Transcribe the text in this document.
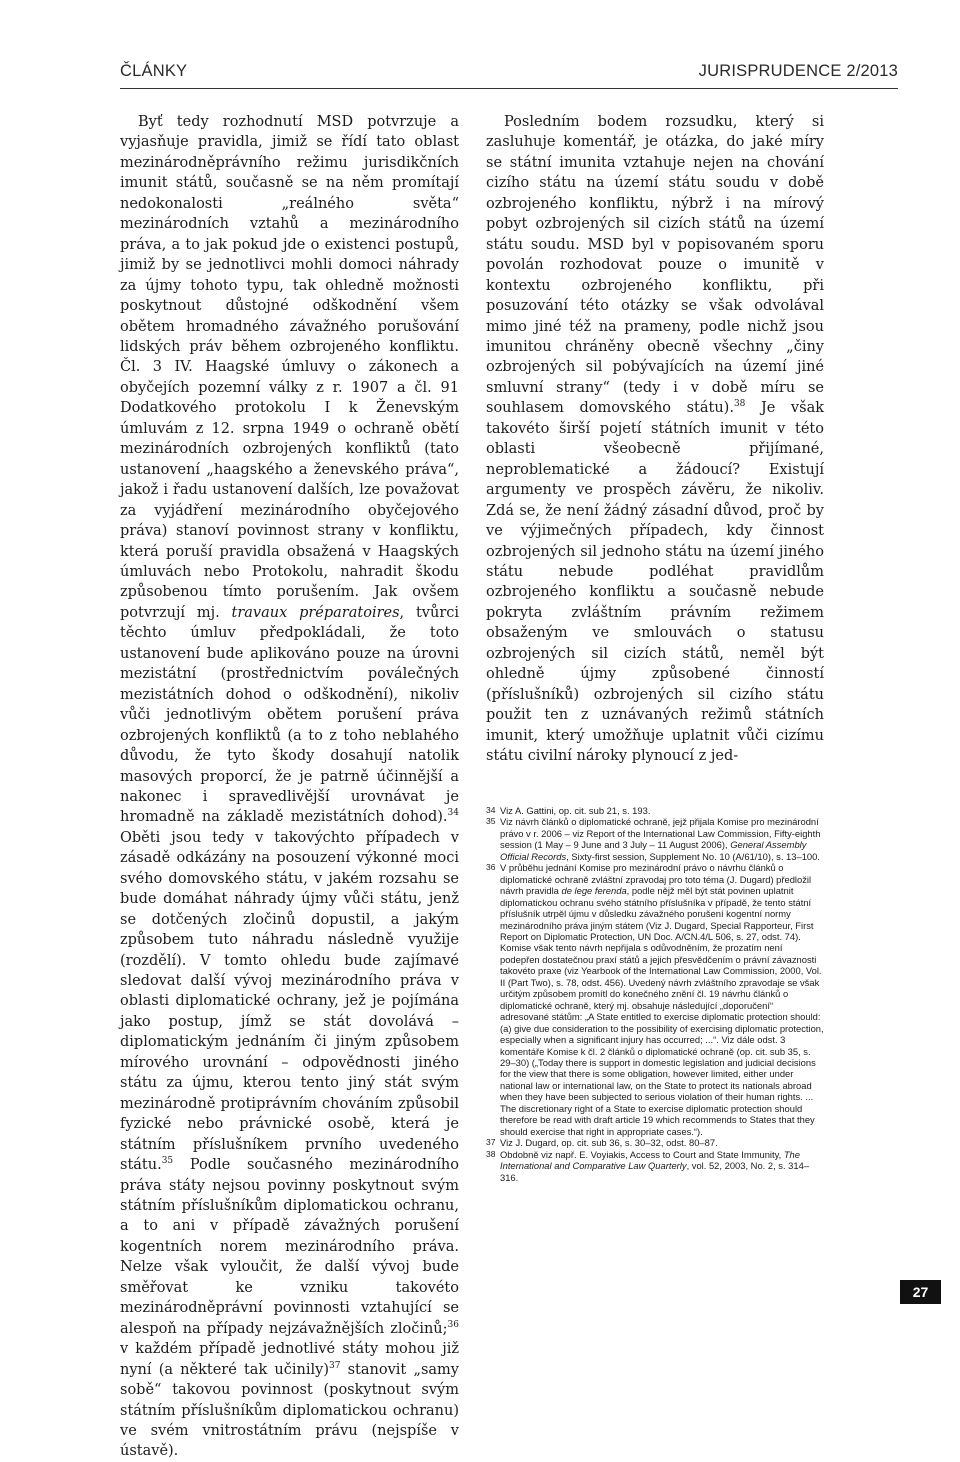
ČLÁNKY	JURISPRUDENCE 2/2013

Byť tedy rozhodnutí MSD potvrzuje a vyjasňuje pravidla, jimiž se řídí tato oblast mezinárodněprávního režimu jurisdikčních imunit států, současně se na něm promítají nedokonalosti „reálného světa“ mezinárodních vztahů a mezinárodního práva, a to jak pokud jde o existenci postupů, jimiž by se jednotlivci mohli domoci náhrady za újmy tohoto typu, tak ohledně možnosti poskytnout důstojné odškodnění všem obětem hromadného závažného porušování lidských práv během ozbrojeného konfliktu. Čl. 3 IV. Haagské úmluvy o zákonech a obyčejích pozemní války z r. 1907 a čl. 91 Dodatkového protokolu I k Ženevským úmluvám z 12. srpna 1949 o ochraně obětí mezinárodních ozbrojených konfliktů (tato ustanovení „haagského a ženevského práva“, jakož i řadu ustanovení dalších, lze považovat za vyjádření mezinárodního obyčejového práva) stanoví povinnost strany v konfliktu, která poruší pravidla obsažená v Haagských úmluvách nebo Protokolu, nahradit škodu způsobenou tímto porušením. Jak ovšem potvrzují mj. travaux préparatoires, tvůrci těchto úmluv předpokládali, že toto ustanovení bude aplikováno pouze na úrovni mezistátní (prostřednictvím poválečných mezistátních dohod o odškodnění), nikoliv vůči jednotlivým obětem porušení práva ozbrojených konfliktů (a to z toho neblahého důvodu, že tyto škody dosahují natolik masových proporcí, že je patrně účinnější a nakonec i spravedlivější urovnávat je hromadně na základě mezistátních dohod).$^{34}$ Oběti jsou tedy v takovýchto případech v zásadě odkázány na posouzení výkonné moci svého domovského státu, v jakém rozsahu se bude domáhat náhrady újmy vůči státu, jenž se dotčených zločinů dopustil, a jakým způsobem tuto náhradu následně využije (rozdělí). V tomto ohledu bude zajímavé sledovat další vývoj mezinárodního práva v oblasti diplomatické ochrany, jež je pojímána jako postup, jímž se stát dovolává – diplomatickým jednáním či jiným způsobem mírového urovnání – odpovědnosti jiného státu za újmu, kterou tento jiný stát svým mezinárodně protiprávním chováním způsobil fyzické nebo právnické osobě, která je státním příslušníkem prvního uvedeného státu.$^{35}$ Podle současného mezinárodního práva státy nejsou povinny poskytnout svým státním příslušníkům diplomatickou ochranu, a to ani v případě závažných porušení kogentních norem mezinárodního práva. Nelze však vyloučit, že další vývoj bude směřovat ke vzniku takovéto mezinárodněprávní povinnosti vztahující se alespoň na případy nejzávažnějších zločinů;$^{36}$ v každém případě jednotlivé státy mohou již nyní (a některé tak učinily)$^{37}$ stanovit „samy sobě“ takovou povinnost (poskytnout svým státním příslušníkům diplomatickou ochranu) ve svém vnitrostátním právu (nejspíše v ústavě).

Posledním bodem rozsudku, který si zasluhuje komentář, je otázka, do jaké míry se státní imunita vztahuje nejen na chování cizího státu na území státu soudu v době ozbrojeného konfliktu, nýbrž i na mírový pobyt ozbrojených sil cizích států na území státu soudu. MSD byl v popisovaném sporu povolán rozhodovat pouze o imunitě v kontextu ozbrojeného konfliktu, při posuzování této otázky se však odvolával mimo jiné též na prameny, podle nichž jsou imunitou chráněny obecně všechny „činy ozbrojených sil pobývajících na území jiné smluvní strany“ (tedy i v době míru se souhlasem domovského státu).$^{38}$ Je však takovéto širší pojetí státních imunit v této oblasti všeobecně přijímané, neproblematické a žádoucí? Existují argumenty ve prospěch závěru, že nikoliv. Zdá se, že není žádný zásadní důvod, proč by ve výjimečných případech, kdy činnost ozbrojených sil jednoho státu na území jiného státu nebude podléhat pravidlům ozbrojeného konfliktu a současně nebude pokryta zvláštním právním režimem obsaženým ve smlouvách o statusu ozbrojených sil cizích států, neměl být ohledně újmy způsobené činností (příslušníků) ozbrojených sil cizího státu použit ten z uznávaných režimů státních imunit, který umožňuje uplatnit vůči cizímu státu civilní nároky plynoucí z jed-

34 Viz A. Gattini, op. cit. sub 21, s. 193.
35 Viz návrh článků o diplomatické ochraně, jejž přijala Komise pro mezinárodní právo v r. 2006 – viz Report of the International Law Commission, Fifty-eighth session (1 May – 9 June and 3 July – 11 August 2006), General Assembly Official Records, Sixty-first session, Supplement No. 10 (A/61/10), s. 13–100.
36 V průběhu jednání Komise pro mezinárodní právo o návrhu článků o diplomatické ochraně zvláštní zpravodaj pro toto téma (J. Dugard) předložil návrh pravidla de lege ferenda, podle nějž měl být stát povinen uplatnit diplomatickou ochranu svého státního příslušníka v případě, že tento státní příslušník utrpěl újmu v důsledku závažného porušení kogentní normy mezinárodního práva jiným státem (Viz J. Dugard, Special Rapporteur, First Report on Diplomatic Protection, UN Doc. A/CN.4/L 506, s. 27, odst. 74). Komise však tento návrh nepřijala s odůvodněním, že prozatím není podepřen dostatečnou praxí států a jejich přesvědčením o právní závaznosti takovéto praxe (viz Yearbook of the International Law Commission, 2000, Vol. II (Part Two), s. 78, odst. 456). Uvedený návrh zvláštního zpravodaje se však určitým způsobem promítl do konečného znění čl. 19 návrhu článků o diplomatické ochraně, který mj. obsahuje následující „doporučení“ adresované státům: „A State entitled to exercise diplomatic protection should: (a) give due consideration to the possibility of exercising diplomatic protection, especially when a significant injury has occurred; ...“. Viz dále odst. 3 komentáře Komise k čl. 2 článků o diplomatické ochraně (op. cit. sub 35, s. 29–30) („Today there is support in domestic legislation and judicial decisions for the view that there is some obligation, however limited, either under national law or international law, on the State to protect its nationals abroad when they have been subjected to serious violation of their human rights. ... The discretionary right of a State to exercise diplomatic protection should therefore be read with draft article 19 which recommends to States that they should exercise that right in appropriate cases.“).
37 Viz J. Dugard, op. cit. sub 36, s. 30–32, odst. 80–87.
38 Obdobně viz např. E. Voyiakis, Access to Court and State Immunity, The International and Comparative Law Quarterly, vol. 52, 2003, No. 2, s. 314–316.
27
